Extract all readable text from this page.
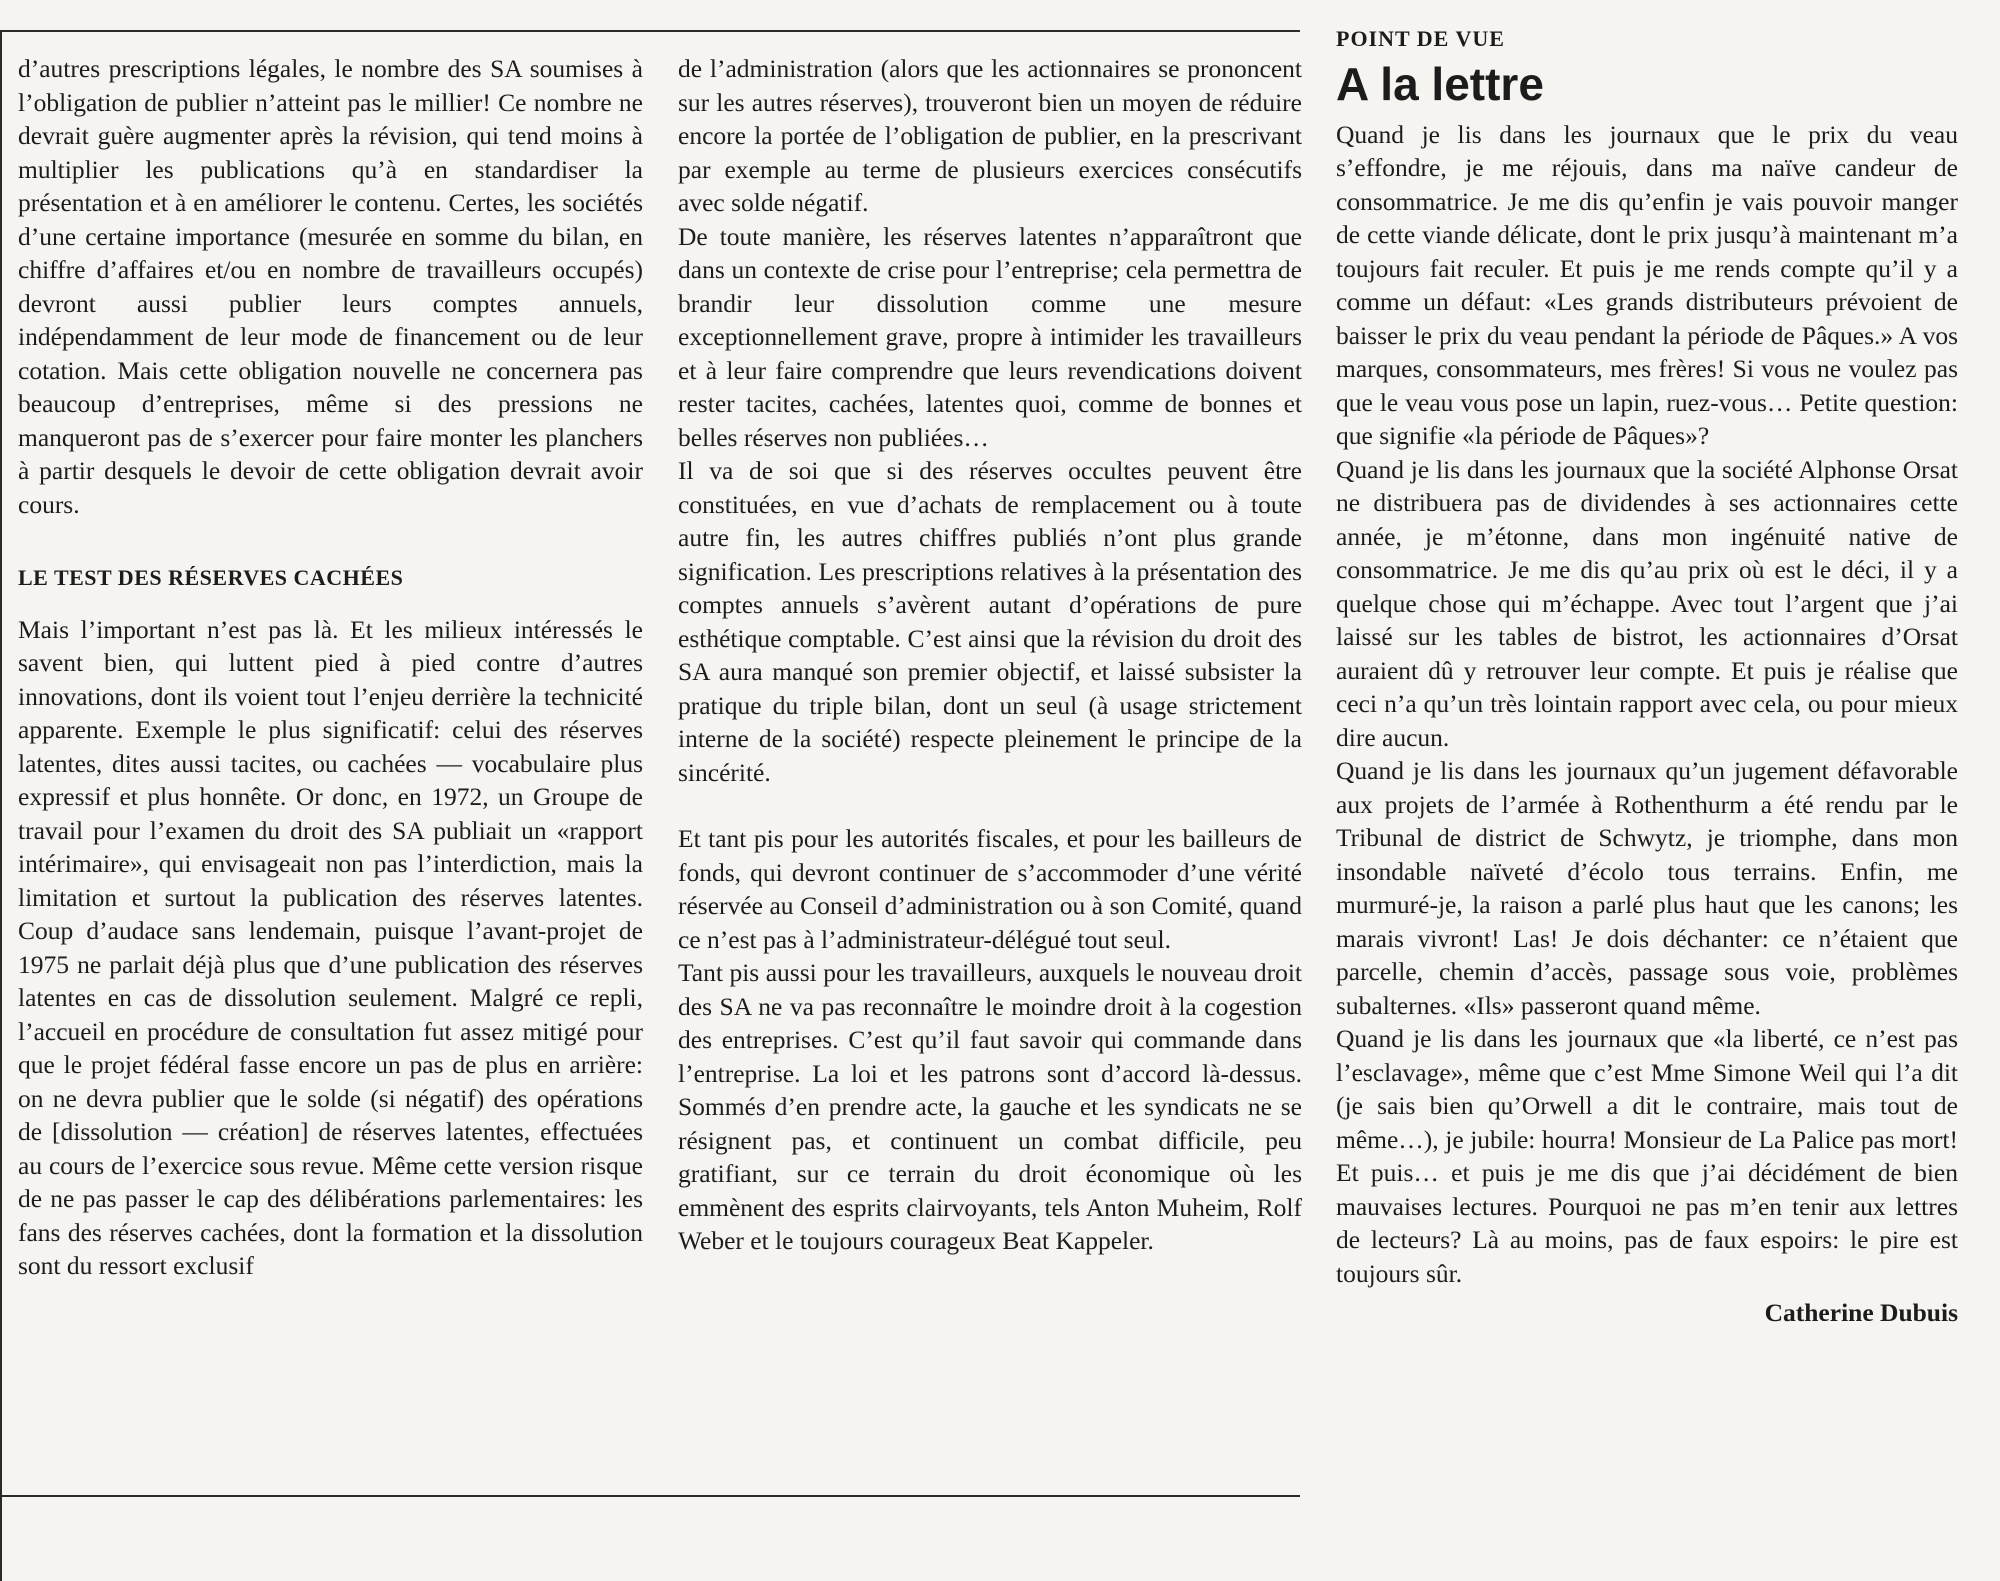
d’autres prescriptions légales, le nombre des SA soumises à l’obligation de publier n’atteint pas le millier! Ce nombre ne devrait guère augmenter après la révision, qui tend moins à multiplier les publications qu’à en standardiser la présentation et à en améliorer le contenu. Certes, les sociétés d’une certaine importance (mesurée en somme du bilan, en chiffre d’affaires et/ou en nombre de travailleurs occupés) devront aussi publier leurs comptes annuels, indépendamment de leur mode de financement ou de leur cotation. Mais cette obligation nouvelle ne concernera pas beaucoup d’entreprises, même si des pressions ne manqueront pas de s’exercer pour faire monter les planchers à partir desquels le devoir de cette obligation devrait avoir cours.

LE TEST DES RÉSERVES CACHÉES

Mais l’important n’est pas là. Et les milieux intéressés le savent bien, qui luttent pied à pied contre d’autres innovations, dont ils voient tout l’enjeu derrière la technicité apparente. Exemple le plus significatif: celui des réserves latentes, dites aussi tacites, ou cachées — vocabulaire plus expressif et plus honnête. Or donc, en 1972, un Groupe de travail pour l’examen du droit des SA publiait un «rapport intérimaire», qui envisageait non pas l’interdiction, mais la limitation et surtout la publication des réserves latentes. Coup d’audace sans lendemain, puisque l’avant-projet de 1975 ne parlait déjà plus que d’une publication des réserves latentes en cas de dissolution seulement. Malgré ce repli, l’accueil en procédure de consultation fut assez mitigé pour que le projet fédéral fasse encore un pas de plus en arrière: on ne devra publier que le solde (si négatif) des opérations de [dissolution — création] de réserves latentes, effectuées au cours de l’exercice sous revue. Même cette version risque de ne pas passer le cap des délibérations parlementaires: les fans des réserves cachées, dont la formation et la dissolution sont du ressort exclusif

de l’administration (alors que les actionnaires se prononcent sur les autres réserves), trouveront bien un moyen de réduire encore la portée de l’obligation de publier, en la prescrivant par exemple au terme de plusieurs exercices consécutifs avec solde négatif.

De toute manière, les réserves latentes n’apparaîtront que dans un contexte de crise pour l’entreprise; cela permettra de brandir leur dissolution comme une mesure exceptionnellement grave, propre à intimider les travailleurs et à leur faire comprendre que leurs revendications doivent rester tacites, cachées, latentes quoi, comme de bonnes et belles réserves non publiées…

Il va de soi que si des réserves occultes peuvent être constituées, en vue d’achats de remplacement ou à toute autre fin, les autres chiffres publiés n’ont plus grande signification. Les prescriptions relatives à la présentation des comptes annuels s’avèrent autant d’opérations de pure esthétique comptable. C’est ainsi que la révision du droit des SA aura manqué son premier objectif, et laissé subsister la pratique du triple bilan, dont un seul (à usage strictement interne de la société) respecte pleinement le principe de la sincérité.

Et tant pis pour les autorités fiscales, et pour les bailleurs de fonds, qui devront continuer de s’accommoder d’une vérité réservée au Conseil d’administration ou à son Comité, quand ce n’est pas à l’administrateur-délégué tout seul.

Tant pis aussi pour les travailleurs, auxquels le nouveau droit des SA ne va pas reconnaître le moindre droit à la cogestion des entreprises. C’est qu’il faut savoir qui commande dans l’entreprise. La loi et les patrons sont d’accord là-dessus. Sommés d’en prendre acte, la gauche et les syndicats ne se résignent pas, et continuent un combat difficile, peu gratifiant, sur ce terrain du droit économique où les emmènent des esprits clairvoyants, tels Anton Muheim, Rolf Weber et le toujours courageux Beat Kappeler.

POINT DE VUE

A la lettre

Quand je lis dans les journaux que le prix du veau s’effondre, je me réjouis, dans ma naïve candeur de consommatrice. Je me dis qu’enfin je vais pouvoir manger de cette viande délicate, dont le prix jusqu’à maintenant m’a toujours fait reculer. Et puis je me rends compte qu’il y a comme un défaut: «Les grands distributeurs prévoient de baisser le prix du veau pendant la période de Pâques.» A vos marques, consommateurs, mes frères! Si vous ne voulez pas que le veau vous pose un lapin, ruez-vous… Petite question: que signifie «la période de Pâques»?

Quand je lis dans les journaux que la société Alphonse Orsat ne distribuera pas de dividendes à ses actionnaires cette année, je m’étonne, dans mon ingénuité native de consommatrice. Je me dis qu’au prix où est le déci, il y a quelque chose qui m’échappe. Avec tout l’argent que j’ai laissé sur les tables de bistrot, les actionnaires d’Orsat auraient dû y retrouver leur compte. Et puis je réalise que ceci n’a qu’un très lointain rapport avec cela, ou pour mieux dire aucun.

Quand je lis dans les journaux qu’un jugement défavorable aux projets de l’armée à Rothenthurm a été rendu par le Tribunal de district de Schwytz, je triomphe, dans mon insondable naïveté d’écolo tous terrains. Enfin, me murmuré-je, la raison a parlé plus haut que les canons; les marais vivront! Las! Je dois déchanter: ce n’étaient que parcelle, chemin d’accès, passage sous voie, problèmes subalternes. «Ils» passeront quand même.

Quand je lis dans les journaux que «la liberté, ce n’est pas l’esclavage», même que c’est Mme Simone Weil qui l’a dit (je sais bien qu’Orwell a dit le contraire, mais tout de même…), je jubile: hourra! Monsieur de La Palice pas mort! Et puis… et puis je me dis que j’ai décidément de bien mauvaises lectures. Pourquoi ne pas m’en tenir aux lettres de lecteurs? Là au moins, pas de faux espoirs: le pire est toujours sûr.

Catherine Dubuis
